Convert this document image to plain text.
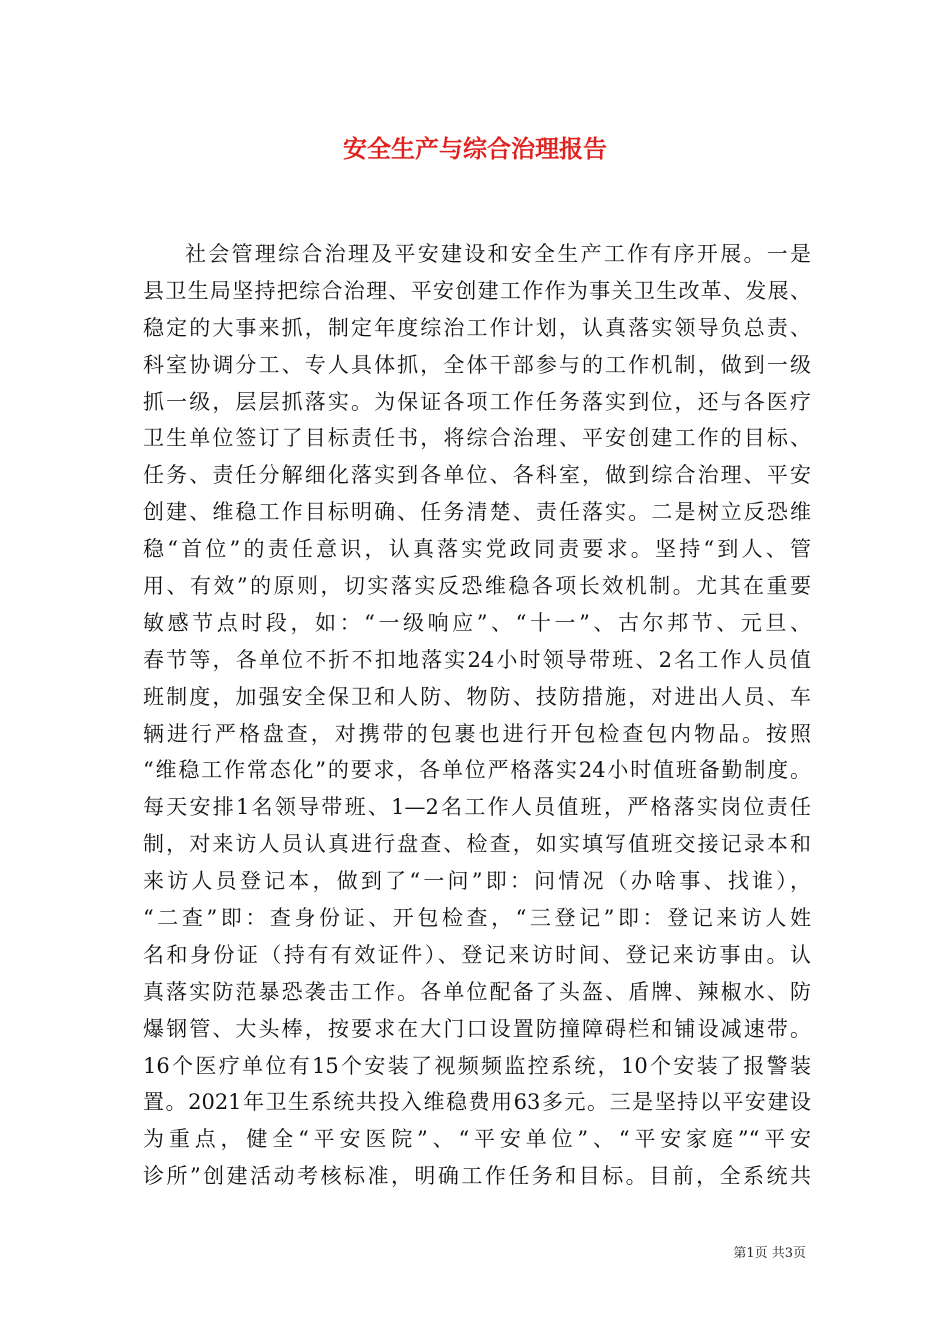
安全生产与综合治理报告
社会管理综合治理及平安建设和安全生产工作有序开展。一是
县卫生局坚持把综合治理、平安创建工作作为事关卫生改革、发展、
稳定的大事来抓，制定年度综治工作计划，认真落实领导负总责、
科室协调分工、专人具体抓，全体干部参与的工作机制，做到一级
抓一级，层层抓落实。为保证各项工作任务落实到位，还与各医疗
卫生单位签订了目标责任书，将综合治理、平安创建工作的目标、
任务、责任分解细化落实到各单位、各科室，做到综合治理、平安
创建、维稳工作目标明确、任务清楚、责任落实。二是树立反恐维
稳“首位”的责任意识，认真落实党政同责要求。坚持“到人、管
用、有效”的原则，切实落实反恐维稳各项长效机制。尤其在重要
敏感节点时段，如：“一级响应”、“十一”、古尔邦节、元旦、
春节等，各单位不折不扣地落实24小时领导带班、2名工作人员值
班制度，加强安全保卫和人防、物防、技防措施，对进出人员、车
辆进行严格盘查，对携带的包裹也进行开包检查包内物品。按照
“维稳工作常态化”的要求，各单位严格落实24小时值班备勤制度。
每天安排1名领导带班、1—2名工作人员值班，严格落实岗位责任
制，对来访人员认真进行盘查、检查，如实填写值班交接记录本和
来访人员登记本，做到了“一问”即：问情况（办啥事、找谁），
“二查”即：查身份证、开包检查，“三登记”即：登记来访人姓
名和身份证（持有有效证件）、登记来访时间、登记来访事由。认
真落实防范暴恐袭击工作。各单位配备了头盔、盾牌、辣椒水、防
爆钢管、大头棒，按要求在大门口设置防撞障碍栏和铺设减速带。
16个医疗单位有15个安装了视频频监控系统，10个安装了报警装
置。2021年卫生系统共投入维稳费用63多元。三是坚持以平安建设
为重点，健全“平安医院”、“平安单位”、“平安家庭”“平安
诊所”创建活动考核标准，明确工作任务和目标。目前，全系统共
第1页 共3页
